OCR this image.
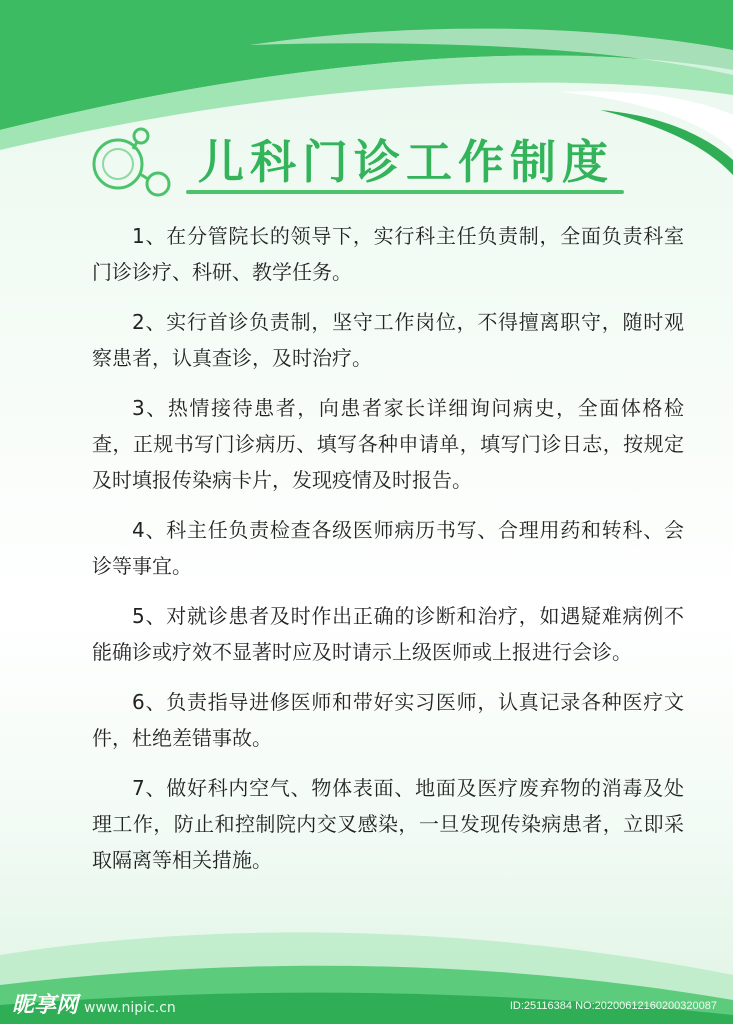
儿科门诊工作制度

1、在分管院长的领导下，实行科主任负责制，全面负责科室门诊诊疗、科研、教学任务。

2、实行首诊负责制，坚守工作岗位，不得擅离职守，随时观察患者，认真查诊，及时治疗。

3、热情接待患者，向患者家长详细询问病史，全面体格检查，正规书写门诊病历、填写各种申请单，填写门诊日志，按规定及时填报传染病卡片，发现疫情及时报告。

4、科主任负责检查各级医师病历书写、合理用药和转科、会诊等事宜。

5、对就诊患者及时作出正确的诊断和治疗，如遇疑难病例不能确诊或疗效不显著时应及时请示上级医师或上报进行会诊。

6、负责指导进修医师和带好实习医师，认真记录各种医疗文件，杜绝差错事故。

7、做好科内空气、物体表面、地面及医疗废弃物的消毒及处理工作，防止和控制院内交叉感染，一旦发现传染病患者，立即采取隔离等相关措施。

昵享网 www.nipic.cn	ID:25116384 NO:20200612160200320087
